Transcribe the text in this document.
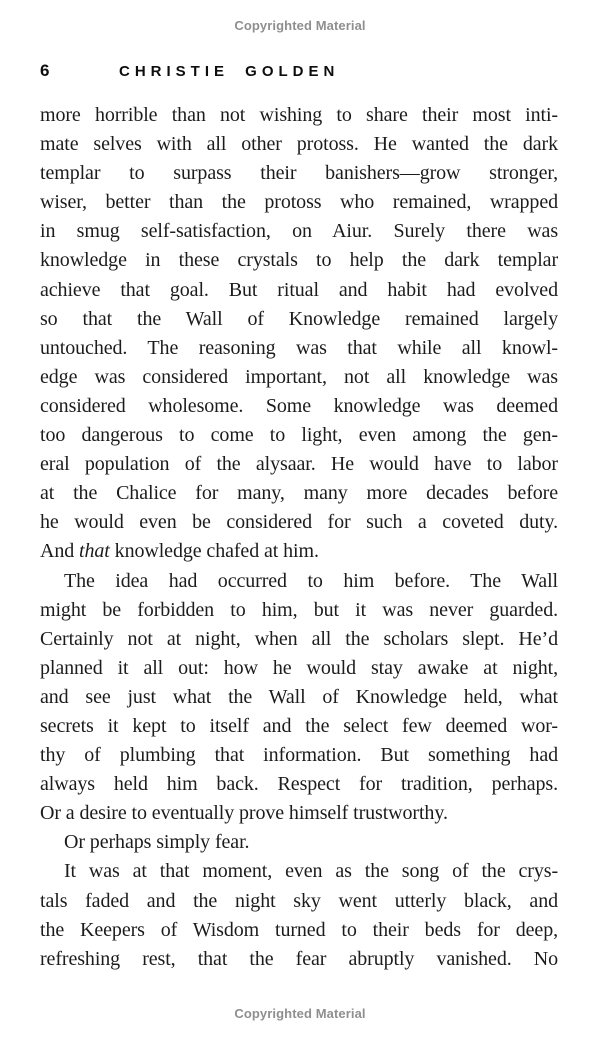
Copyrighted Material
6	CHRISTIE GOLDEN
more horrible than not wishing to share their most inti-
mate selves with all other protoss. He wanted the dark
templar to surpass their banishers—grow stronger,
wiser, better than the protoss who remained, wrapped
in smug self-satisfaction, on Aiur. Surely there was
knowledge in these crystals to help the dark templar
achieve that goal. But ritual and habit had evolved
so that the Wall of Knowledge remained largely
untouched. The reasoning was that while all knowl-
edge was considered important, not all knowledge was
considered wholesome. Some knowledge was deemed
too dangerous to come to light, even among the gen-
eral population of the alysaar. He would have to labor
at the Chalice for many, many more decades before
he would even be considered for such a coveted duty.
And that knowledge chafed at him.
The idea had occurred to him before. The Wall
might be forbidden to him, but it was never guarded.
Certainly not at night, when all the scholars slept. He’d
planned it all out: how he would stay awake at night,
and see just what the Wall of Knowledge held, what
secrets it kept to itself and the select few deemed wor-
thy of plumbing that information. But something had
always held him back. Respect for tradition, perhaps.
Or a desire to eventually prove himself trustworthy.
Or perhaps simply fear.
It was at that moment, even as the song of the crys-
tals faded and the night sky went utterly black, and
the Keepers of Wisdom turned to their beds for deep,
refreshing rest, that the fear abruptly vanished. No
Copyrighted Material
